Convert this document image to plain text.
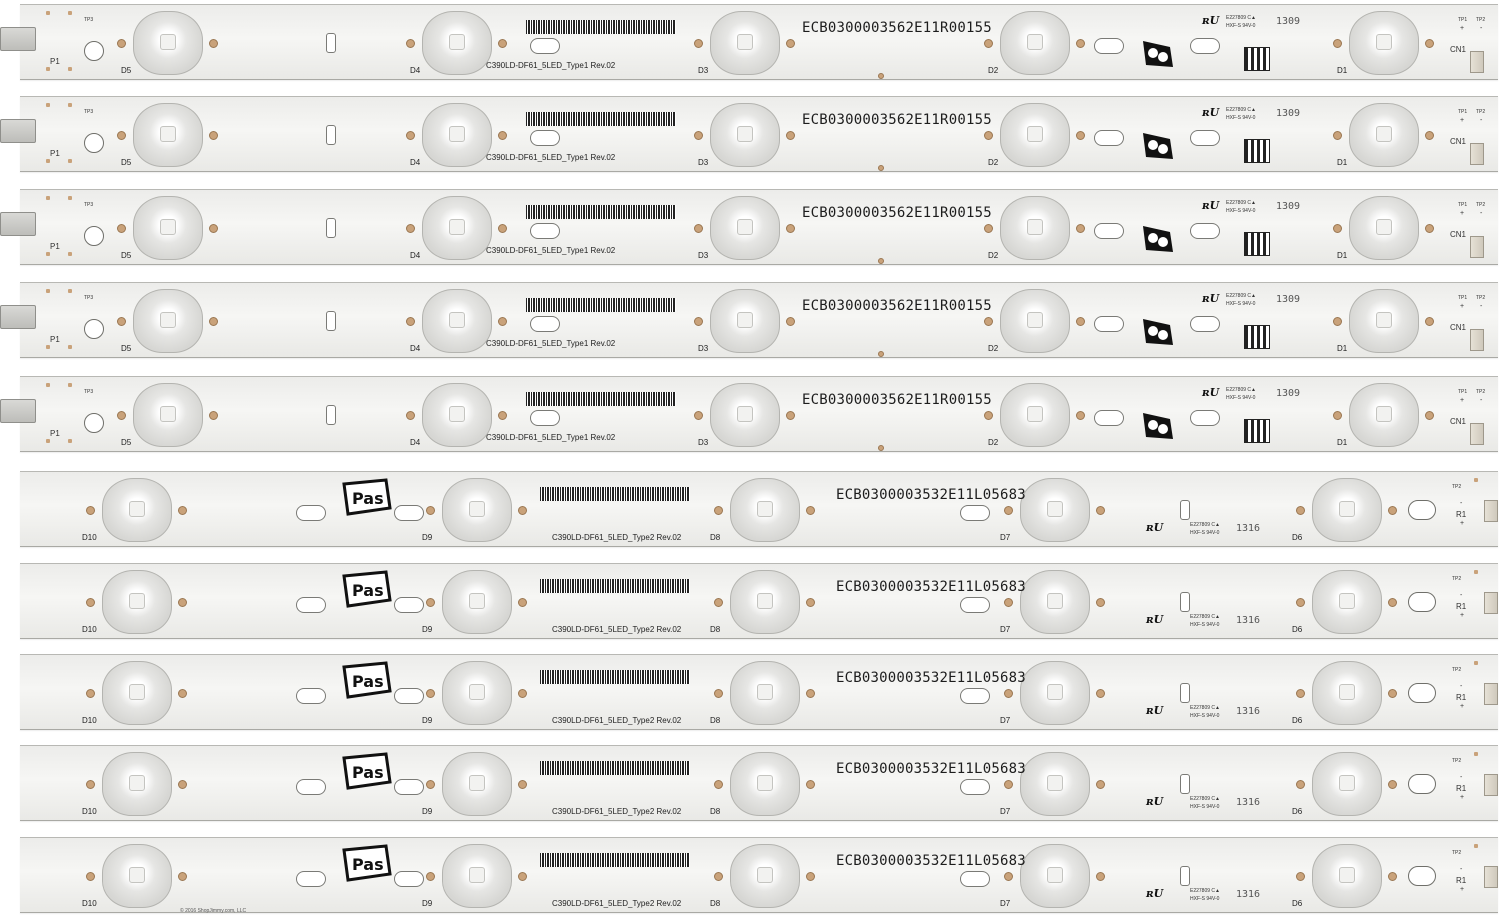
P1
TP3
D5	D4	D3	D2	D1
ECB0300003562E11R00155
C390LD-DF61_5LED_Type1 Rev.02
ʀU E227809 C▲
HXF-S 94V-0 1309	TP1 TP2
+ -
CN1
P1
TP3
D5	D4	D3	D2	D1
ECB0300003562E11R00155
C390LD-DF61_5LED_Type1 Rev.02
ʀU E227809 C▲
HXF-S 94V-0 1309	TP1 TP2
+ -
CN1
P1
TP3
D5	D4	D3	D2	D1
ECB0300003562E11R00155
C390LD-DF61_5LED_Type1 Rev.02
ʀU E227809 C▲
HXF-S 94V-0 1309	TP1 TP2
+ -
CN1
P1
TP3
D5	D4	D3	D2	D1
ECB0300003562E11R00155
C390LD-DF61_5LED_Type1 Rev.02
ʀU E227809 C▲
HXF-S 94V-0 1309	TP1 TP2
+ -
CN1
P1
TP3
D5	D4	D3	D2	D1
ECB0300003562E11R00155
C390LD-DF61_5LED_Type1 Rev.02
ʀU E227809 C▲
HXF-S 94V-0 1309	TP1 TP2
+ -
CN1
D10	D9	D8	D7	D6
ECB0300003532E11L05683
C390LD-DF61_5LED_Type2 Rev.02
Pas
ʀU	E227809 C▲
HXF-S 94V-0 1316
TP2
R1
-
+
D10	D9	D8	D7	D6
ECB0300003532E11L05683
C390LD-DF61_5LED_Type2 Rev.02
Pas
ʀU	E227809 C▲
HXF-S 94V-0 1316
TP2
R1
-
+
D10	D9	D8	D7	D6
ECB0300003532E11L05683
C390LD-DF61_5LED_Type2 Rev.02
Pas
ʀU	E227809 C▲
HXF-S 94V-0 1316
TP2
R1
-
+
D10	D9	D8	D7	D6
ECB0300003532E11L05683
C390LD-DF61_5LED_Type2 Rev.02
Pas
ʀU	E227809 C▲
HXF-S 94V-0 1316
TP2
R1
-
+
D10	D9	D8	D7	D6
ECB0300003532E11L05683
C390LD-DF61_5LED_Type2 Rev.02
Pas
ʀU	E227809 C▲
HXF-S 94V-0 1316
TP2
R1
-
+
© 2016 ShopJimmy.com, LLC
